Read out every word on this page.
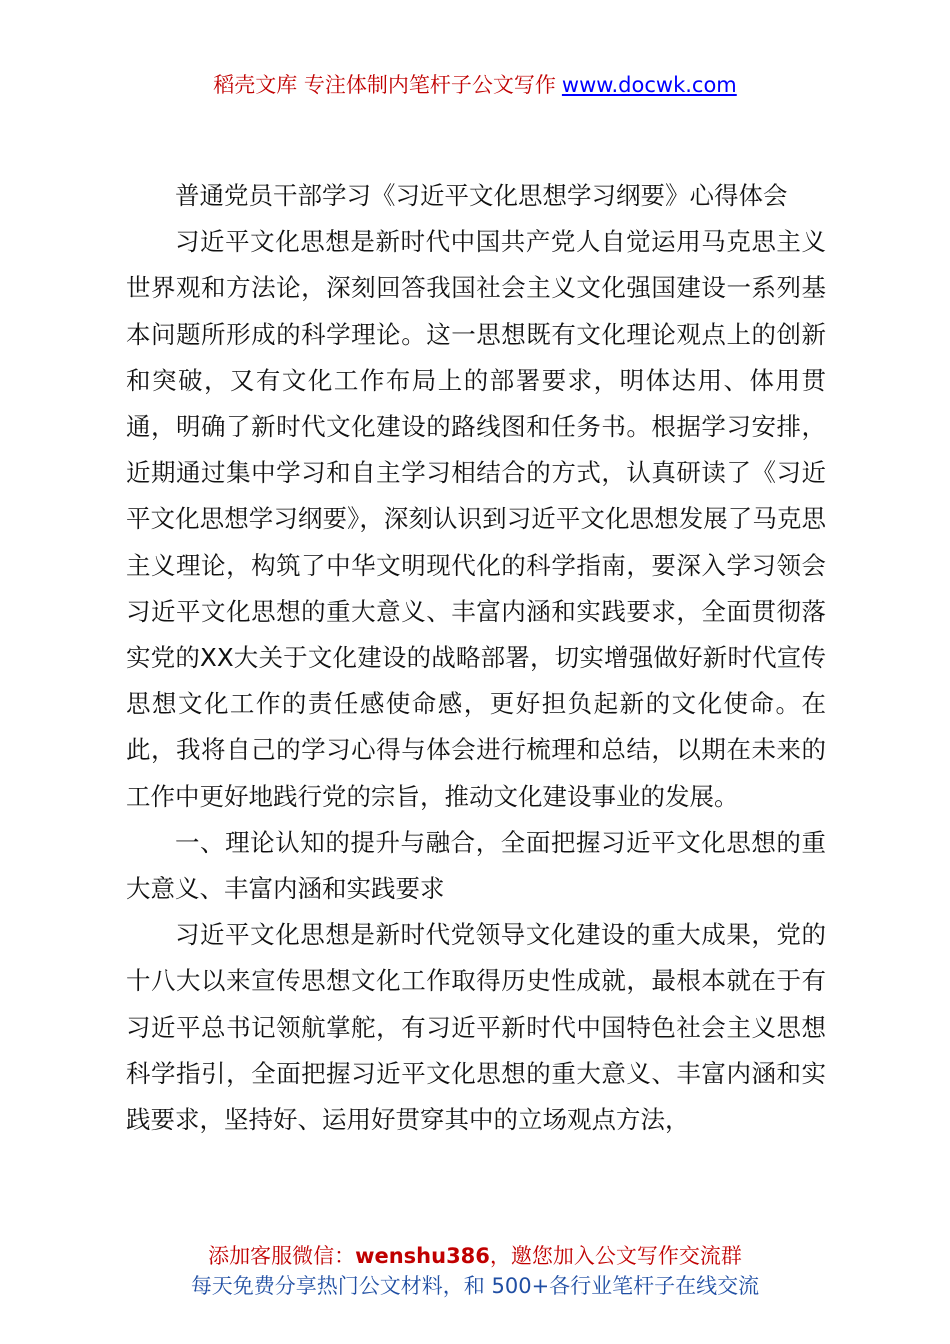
稻壳文库 专注体制内笔杆子公文写作 www.docwk.com

普通党员干部学习《习近平文化思想学习纲要》心得体会

习近平文化思想是新时代中国共产党人自觉运用马克思主义世界观和方法论，深刻回答我国社会主义文化强国建设一系列基本问题所形成的科学理论。这一思想既有文化理论观点上的创新和突破，又有文化工作布局上的部署要求，明体达用、体用贯通，明确了新时代文化建设的路线图和任务书。根据学习安排，近期通过集中学习和自主学习相结合的方式，认真研读了《习近平文化思想学习纲要》，深刻认识到习近平文化思想发展了马克思主义理论，构筑了中华文明现代化的科学指南，要深入学习领会习近平文化思想的重大意义、丰富内涵和实践要求，全面贯彻落实党的XX大关于文化建设的战略部署，切实增强做好新时代宣传思想文化工作的责任感使命感，更好担负起新的文化使命。在此，我将自己的学习心得与体会进行梳理和总结，以期在未来的工作中更好地践行党的宗旨，推动文化建设事业的发展。

一、理论认知的提升与融合，全面把握习近平文化思想的重大意义、丰富内涵和实践要求

习近平文化思想是新时代党领导文化建设的重大成果，党的十八大以来宣传思想文化工作取得历史性成就，最根本就在于有习近平总书记领航掌舵，有习近平新时代中国特色社会主义思想科学指引，全面把握习近平文化思想的重大意义、丰富内涵和实践要求，坚持好、运用好贯穿其中的立场观点方法，

添加客服微信：wenshu386，邀您加入公文写作交流群
每天免费分享热门公文材料，和 500+各行业笔杆子在线交流
